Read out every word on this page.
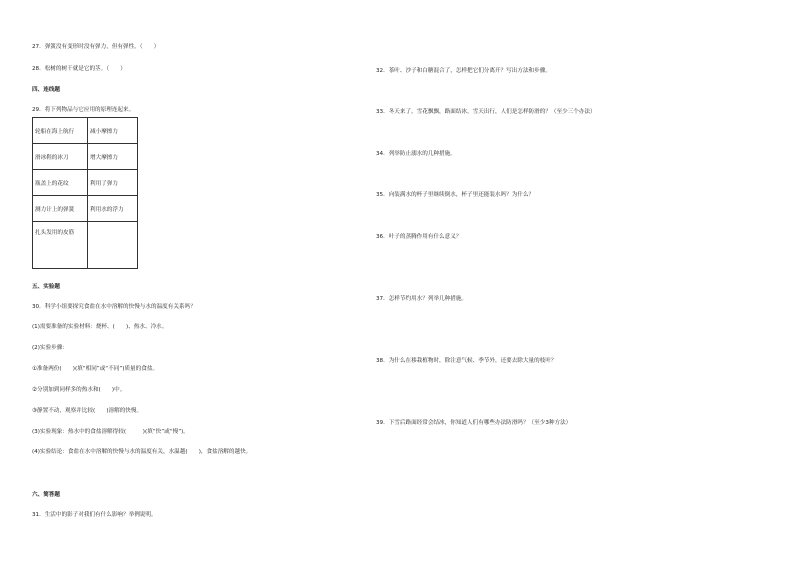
27．弹簧没有变形时没有弹力，但有弹性。（　　）
28．松树的树干就是它的茎。（　　）
四、连线题
29．将下列物品与它应用的原理连起来。
轮船在海上航行	减小摩擦力
滑冰鞋的冰刀	增大摩擦力
瓶盖上的花纹	利用了弹力
测力计上的弹簧	利用水的浮力
扎头发用的皮筋	
五、实验题
30．科学小组要探究食盐在水中溶解的快慢与水的温度有关系吗？
(1)需要准备的实验材料：烧杯、(　　)、热水、冷水。
(2)实验步骤：
①准备两份(　　)(填“相同”或“不同”)质量的食盐。
②分别加到同样多的热水和(　　)中。
③静置不动，观察并比较(　　)溶解的快慢。
(3)实验现象：热水中的食盐溶解得较(　　　)(填“快”或“慢”)。
(4)实验结论：食盐在水中溶解的快慢与水的温度有关，水温越(　　)，食盐溶解的越快。
六、简答题
31．生活中的影子对我们有什么影响？举例说明。
32．茶叶、沙子和白糖混合了，怎样把它们分离开？写出方法和步骤。
33．冬天来了，雪花飘飘，路面结冰。雪天出行，人们是怎样防滑的？（至少三个办法）
34．列举防止溺水的几种措施。
35．向装满水的杯子里继续倒水，杯子里还能装水吗？为什么？
36．叶子的蒸腾作用有什么意义？
37．怎样节约用水？列举几种措施。
38．为什么在移栽植物时，除注意气候、季节外，还要去除大量的枝叶？
39．下雪后路面经常会结冰，你知道人们有哪些办法防滑吗？（至少3种方法）
